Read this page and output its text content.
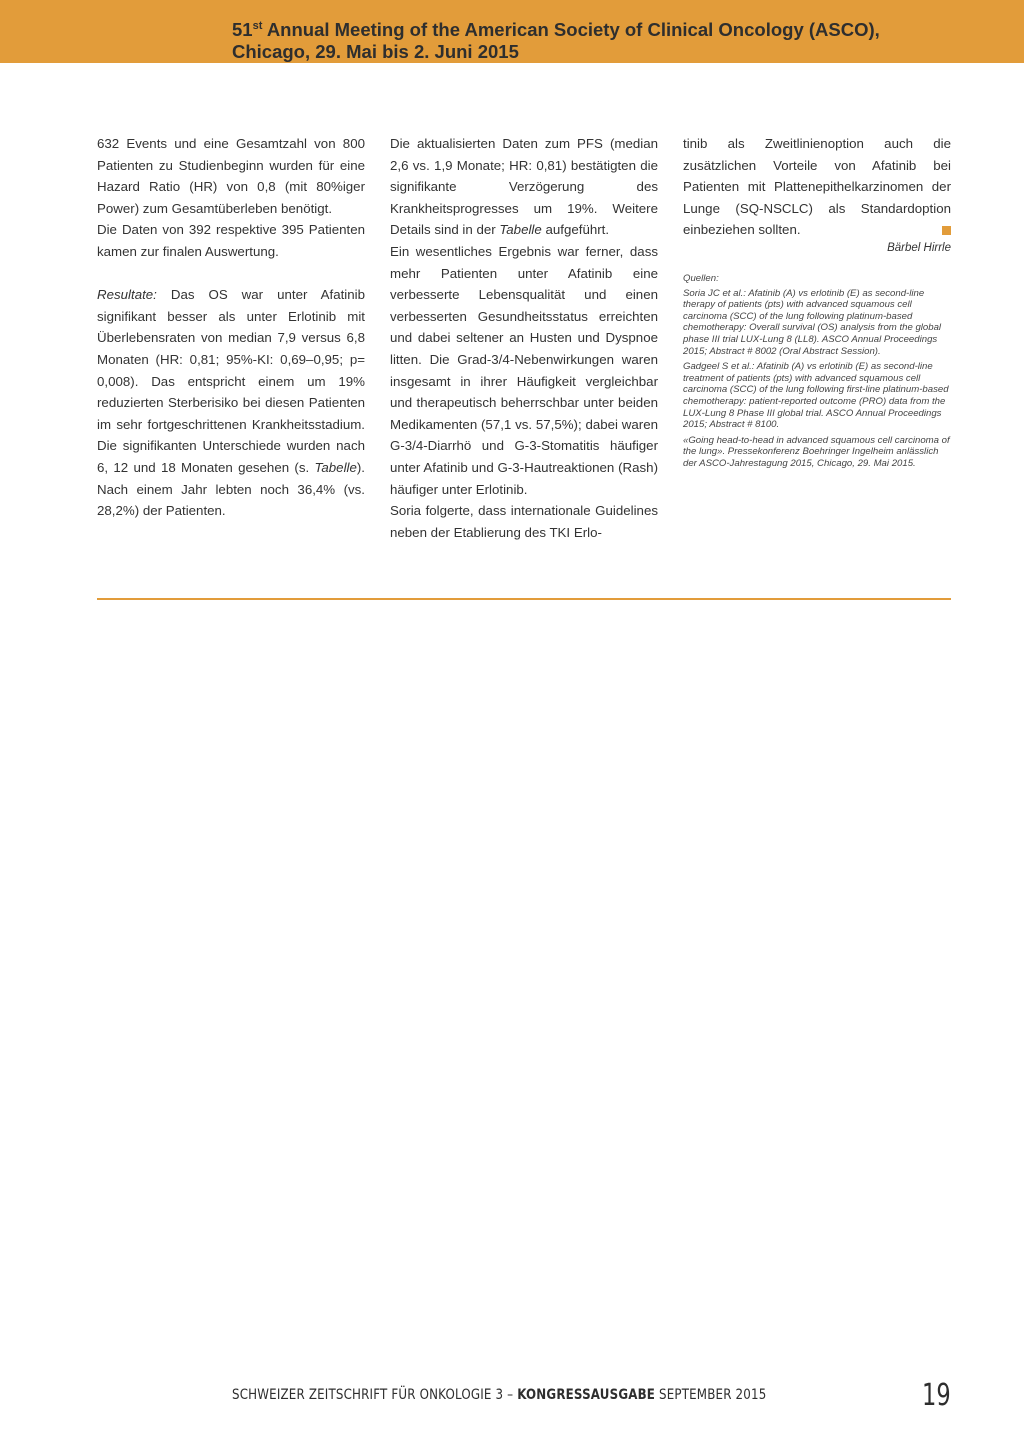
51st Annual Meeting of the American Society of Clinical Oncology (ASCO),
Chicago, 29. Mai bis 2. Juni 2015

632 Events und eine Gesamtzahl von 800 Patienten zu Studienbeginn wurden für eine Hazard Ratio (HR) von 0,8 (mit 80%iger Power) zum Gesamtüberleben benötigt.

Die Daten von 392 respektive 395 Patienten kamen zur finalen Auswertung.

Resultate: Das OS war unter Afatinib signifikant besser als unter Erlotinib mit Überlebensraten von median 7,9 versus 6,8 Monaten (HR: 0,81; 95%-KI: 0,69–0,95; p= 0,008). Das entspricht einem um 19% reduzierten Sterberisiko bei diesen Patienten im sehr fortgeschrittenen Krankheitsstadium. Die signifikanten Unterschiede wurden nach 6, 12 und 18 Monaten gesehen (s. Tabelle). Nach einem Jahr lebten noch 36,4% (vs. 28,2%) der Patienten.

Die aktualisierten Daten zum PFS (median 2,6 vs. 1,9 Monate; HR: 0,81) bestätigten die signifikante Verzögerung des Krankheitsprogresses um 19%. Weitere Details sind in der Tabelle aufgeführt.

Ein wesentliches Ergebnis war ferner, dass mehr Patienten unter Afatinib eine verbesserte Lebensqualität und einen verbesserten Gesundheitsstatus erreichten und dabei seltener an Husten und Dyspnoe litten. Die Grad-3/4-Nebenwirkungen waren insgesamt in ihrer Häufigkeit vergleichbar und therapeutisch beherrschbar unter beiden Medikamenten (57,1 vs. 57,5%); dabei waren G-3/4-Diarrhö und G-3-Stomatitis häufiger unter Afatinib und G-3-Hautreaktionen (Rash) häufiger unter Erlotinib.

Soria folgerte, dass internationale Guidelines neben der Etablierung des TKI Erlo-

tinib als Zweitlinienoption auch die zusätzlichen Vorteile von Afatinib bei Patienten mit Plattenepithelkarzinomen der Lunge (SQ-NSCLC) als Standardoption einbeziehen sollten.

Bärbel Hirrle
Quellen:
Soria JC et al.: Afatinib (A) vs erlotinib (E) as second-line therapy of patients (pts) with advanced squamous cell carcinoma (SCC) of the lung following platinum-based chemotherapy: Overall survival (OS) analysis from the global phase III trial LUX-Lung 8 (LL8). ASCO Annual Proceedings 2015; Abstract # 8002 (Oral Abstract Session).
Gadgeel S et al.: Afatinib (A) vs erlotinib (E) as second-line treatment of patients (pts) with advanced squamous cell carcinoma (SCC) of the lung following first-line platinum-based chemotherapy: patient-reported outcome (PRO) data from the LUX-Lung 8 Phase III global trial. ASCO Annual Proceedings 2015; Abstract # 8100.
«Going head-to-head in advanced squamous cell carcinoma of the lung». Pressekonferenz Boehringer Ingelheim anlässlich der ASCO-Jahrestagung 2015, Chicago, 29. Mai 2015.
SCHWEIZER ZEITSCHRIFT FÜR ONKOLOGIE 3 – KONGRESSAUSGABE SEPTEMBER 2015	19
